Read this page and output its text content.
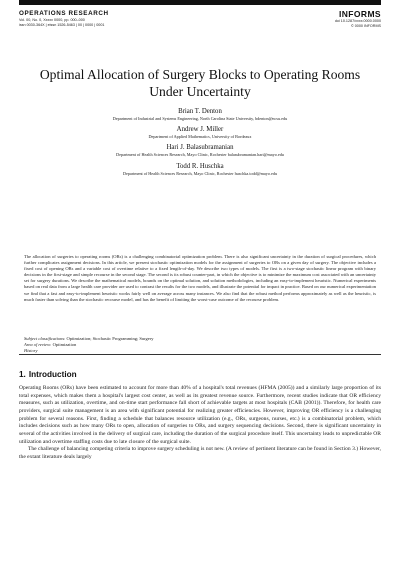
OPERATIONS RESEARCH
Vol. 00, No. 0, Xxxxx 0000, pp. 000–000
issn 0030-364X | eissn 1526-5463 | 00 | 0000 | 0001
INFORMS
doi 10.1287/xxxx.0000.0000
© 0000 INFORMS
Optimal Allocation of Surgery Blocks to Operating Rooms Under Uncertainty
Brian T. Denton
Department of Industrial and Systems Engineering, North Carolina State University, bdenton@ncsu.edu
Andrew J. Miller
Department of Applied Mathematics, University of Bordeaux
Hari J. Balasubramanian
Department of Health Sciences Research, Mayo Clinic, Rochester balasubramanian.hari@mayo.edu
Todd R. Huschka
Department of Health Sciences Research, Mayo Clinic, Rochester huschka.todd@mayo.edu
The allocation of surgeries to operating rooms (ORs) is a challenging combinatorial optimization problem. There is also significant uncertainty in the duration of surgical procedures, which further complicates assignment decisions. In this article, we present stochastic optimization models for the assignment of surgeries to ORs on a given day of surgery. The objective includes a fixed cost of opening ORs and a variable cost of overtime relative to a fixed length-of-day. We describe two types of models. The first is a two-stage stochastic linear program with binary decisions in the first-stage and simple recourse in the second stage. The second is its robust counter-part, in which the objective is to minimize the maximum cost associated with an uncertainty set for surgery durations. We describe the mathematical models, bounds on the optimal solution, and solution methodologies, including an easy-to-implement heuristic. Numerical experiments based on real data from a large health care provider are used to contrast the results for the two models, and illustrate the potential for impact in practice. Based on our numerical experimentation we find that a fast and easy-to-implement heuristic works fairly well on average across many instances. We also find that the robust method performs approximately as well as the heuristic, is much faster than solving than the stochastic recourse model, and has the benefit of limiting the worst-case outcome of the recourse problem.
Subject classifications: Optimization; Stochastic Programming; Surgery
Area of review: Optimization
History
1. Introduction

Operating Rooms (ORs) have been estimated to account for more than 40% of a hospital's total revenues (HFMA (2005)) and a similarly large proportion of its total expenses, which makes them a hospital's largest cost center, as well as its greatest revenue source. Furthermore, recent studies indicate that OR efficiency measures, such as utilization, overtime, and on-time start performance fall short of achievable targets at most hospitals (CAB (2001)). Therefore, for health care providers, surgical suite management is an area with significant potential for realizing greater efficiencies. However, improving OR efficiency is a challenging problem for several reasons. First, finding a schedule that balances resource utilization (e.g., ORs, surgeons, nurses, etc.) is a combinatorial problem, which includes decisions such as how many ORs to open, allocation of surgeries to ORs, and surgery sequencing decisions. Second, there is significant uncertainty in several of the activities involved in the delivery of surgical care, including the duration of the surgical procedure itself. This uncertainty leads to unpredictable OR utilization and overtime staffing costs due to late closure of the surgical suite.

The challenge of balancing competing criteria to improve surgery scheduling is not new. (A review of pertinent literature can be found in Section 3.) However, the extant literature deals largely
